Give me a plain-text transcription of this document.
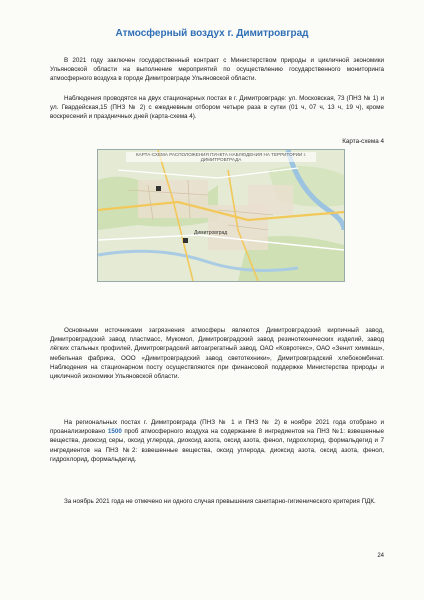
Атмосферный воздух г. Димитровград

В 2021 году заключен государственный контракт с Министерством природы и цикличной экономики Ульяновской области на выполнение мероприятий по осуществлению государственного мониторинга атмосферного воздуха в городе Димитровграде Ульяновской области.

Наблюдения проводятся на двух стационарных постах в г. Димитровграде: ул. Московская, 73 (ПНЗ № 1) и ул. Гвардейская,15 (ПНЗ № 2) с ежедневным отбором четыре раза в сутки (01 ч, 07 ч, 13 ч, 19 ч), кроме воскресений и праздничных дней (карта-схема 4).

Карта-схема 4
КАРТА-СХЕМА РАСПОЛОЖЕНИЯ ПУНКТА НАБЛЮДЕНИЯ НА ТЕРРИТОРИИ г. ДИМИТРОВГРАДА
Димитровград

Основными источниками загрязнения атмосферы являются Димитровградский кирпичный завод, Димитровградский завод пластмасс, Мукомол, Димитровградский завод резинотехнических изделий, завод лёгких стальных профилей, Димитровградский автоагрегатный завод, ОАО «Ковротекс», ОАО «Зенит химмаш», мебельная фабрика, ООО «Димитровградский завод светотехники», Димитровградский хлебокомбинат. Наблюдения на стационарном посту осуществляются при финансовой поддержке Министерства природы и цикличной экономики Ульяновской области.

На региональных постах г. Димитровграда (ПНЗ № 1 и ПНЗ № 2) в ноябре 2021 года отобрано и проанализировано 1500 проб атмосферного воздуха на содержание 8 ингредиентов на ПНЗ №1: взвешенные вещества, диоксид серы, оксид углерода, диоксид азота, оксид азота, фенол, гидрохлорид, формальдегид и 7 ингредиентов на ПНЗ №2: взвешенные вещества, оксид углерода, диоксид азота, оксид азота, фенол, гидрохлорид, формальдегид.

За ноябрь 2021 года не отмечено ни одного случая превышения санитарно-гигиенического критерия ПДК.

24
